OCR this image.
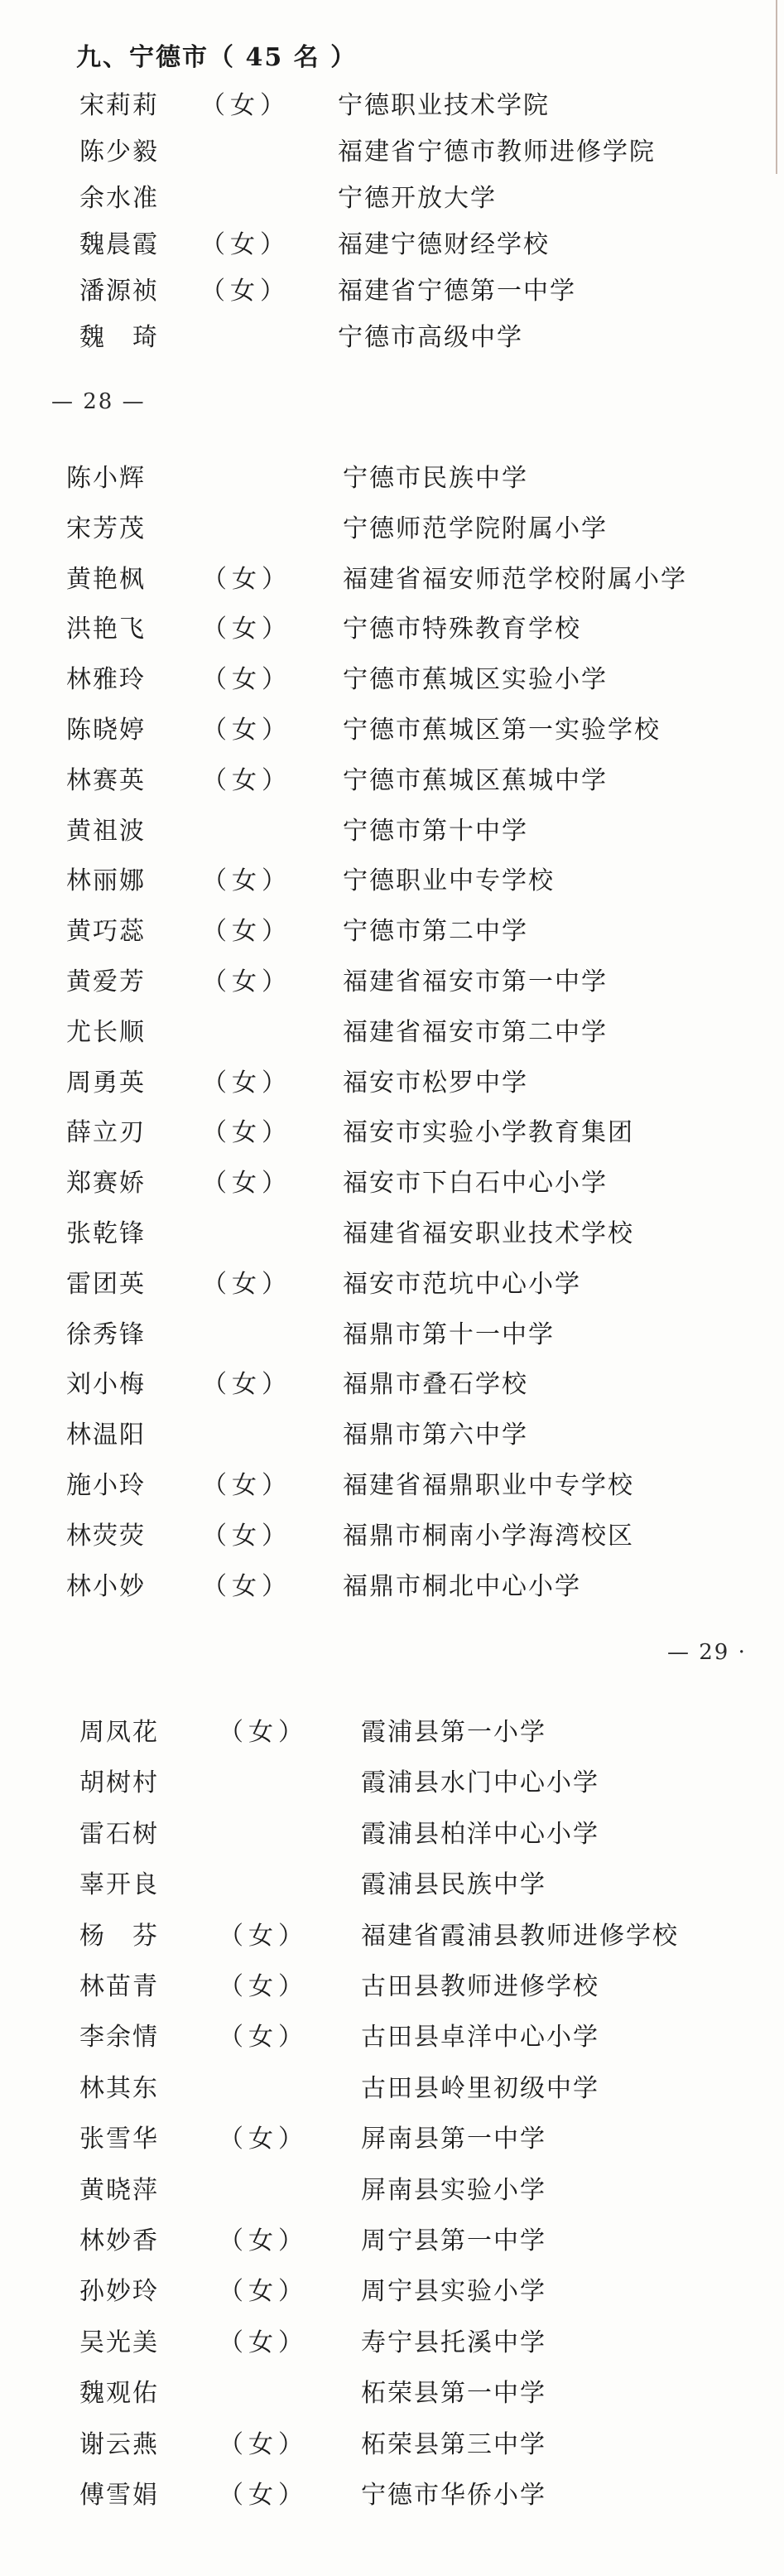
九、宁德市（ 45 名 ）
宋莉莉 （女） 宁德职业技术学院
陈少毅	福建省宁德市教师进修学院
余水准	宁德开放大学
魏晨霞 （女） 福建宁德财经学校
潘源祯 （女） 福建省宁德第一中学
魏　琦	宁德市高级中学
— 28 —
陈小辉	宁德市民族中学
宋芳茂	宁德师范学院附属小学
黄艳枫 （女） 福建省福安师范学校附属小学
洪艳飞 （女） 宁德市特殊教育学校
林雅玲 （女） 宁德市蕉城区实验小学
陈晓婷 （女） 宁德市蕉城区第一实验学校
林赛英 （女） 宁德市蕉城区蕉城中学
黄祖波	宁德市第十中学
林丽娜 （女） 宁德职业中专学校
黄巧蕊 （女） 宁德市第二中学
黄爱芳 （女） 福建省福安市第一中学
尤长顺	福建省福安市第二中学
周勇英 （女） 福安市松罗中学
薛立刃 （女） 福安市实验小学教育集团
郑赛娇 （女） 福安市下白石中心小学
张乾锋	福建省福安职业技术学校
雷团英 （女） 福安市范坑中心小学
徐秀锋	福鼎市第十一中学
刘小梅 （女） 福鼎市叠石学校
林温阳	福鼎市第六中学
施小玲 （女） 福建省福鼎职业中专学校
林荧荧 （女） 福鼎市桐南小学海湾校区
林小妙 （女） 福鼎市桐北中心小学
— 29 ·
周凤花 （女） 霞浦县第一小学
胡树村	霞浦县水门中心小学
雷石树	霞浦县柏洋中心小学
辜开良	霞浦县民族中学
杨　芬 （女） 福建省霞浦县教师进修学校
林苗青 （女） 古田县教师进修学校
李余情 （女） 古田县卓洋中心小学
林其东	古田县岭里初级中学
张雪华 （女） 屏南县第一中学
黄晓萍	屏南县实验小学
林妙香 （女） 周宁县第一中学
孙妙玲 （女） 周宁县实验小学
吴光美 （女） 寿宁县托溪中学
魏观佑	柘荣县第一中学
谢云燕 （女） 柘荣县第三中学
傅雪娟 （女） 宁德市华侨小学
